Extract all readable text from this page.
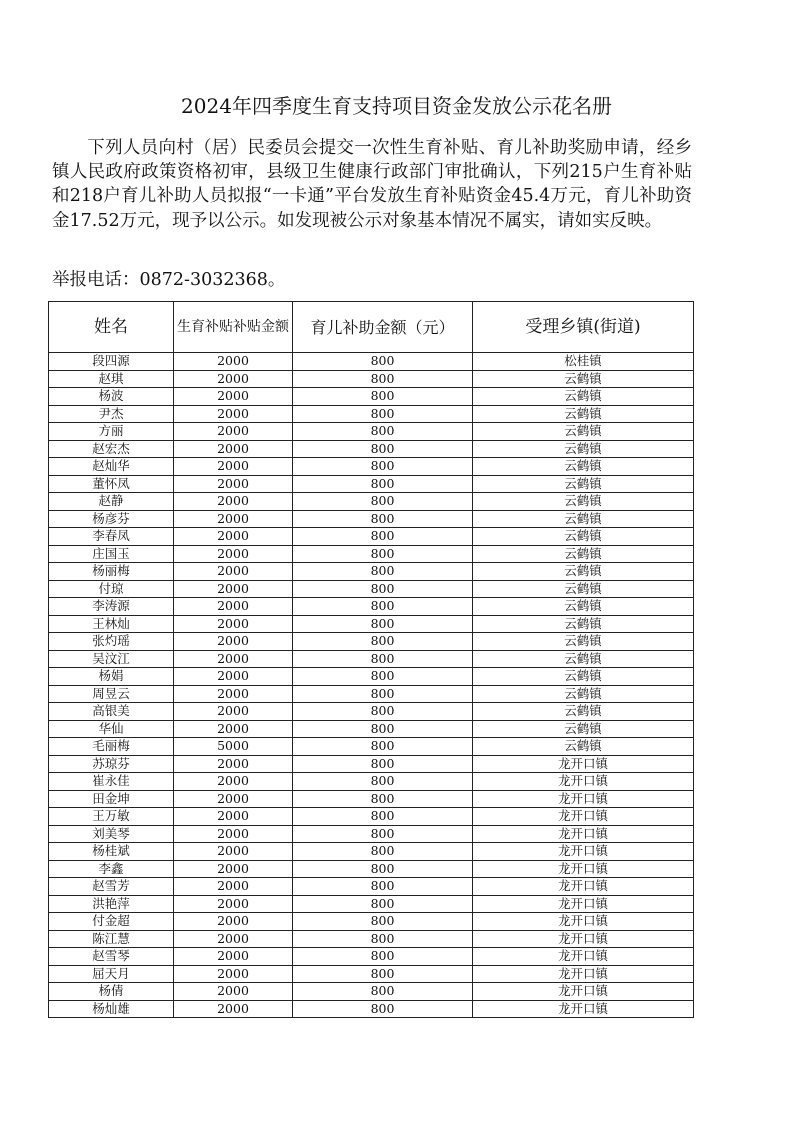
2024年四季度生育支持项目资金发放公示花名册
下列人员向村（居）民委员会提交一次性生育补贴、育儿补助奖励申请，经乡镇人民政府政策资格初审，县级卫生健康行政部门审批确认，下列215户生育补贴和218户育儿补助人员拟报“一卡通”平台发放生育补贴资金45.4万元，育儿补助资金17.52万元，现予以公示。如发现被公示对象基本情况不属实，请如实反映。
举报电话：0872-3032368。
姓名	生育补贴补贴金额	育儿补助金额（元）	受理乡镇(街道)
段四源	2000	800	松桂镇
赵琪	2000	800	云鹤镇
杨波	2000	800	云鹤镇
尹杰	2000	800	云鹤镇
方丽	2000	800	云鹤镇
赵宏杰	2000	800	云鹤镇
赵灿华	2000	800	云鹤镇
董怀凤	2000	800	云鹤镇
赵静	2000	800	云鹤镇
杨彦芬	2000	800	云鹤镇
李春凤	2000	800	云鹤镇
庄国玉	2000	800	云鹤镇
杨丽梅	2000	800	云鹤镇
付琼	2000	800	云鹤镇
李涛源	2000	800	云鹤镇
王林灿	2000	800	云鹤镇
张灼瑶	2000	800	云鹤镇
吴汶江	2000	800	云鹤镇
杨娟	2000	800	云鹤镇
周昱云	2000	800	云鹤镇
高银美	2000	800	云鹤镇
华仙	2000	800	云鹤镇
毛丽梅	5000	800	云鹤镇
苏琼芬	2000	800	龙开口镇
崔永佳	2000	800	龙开口镇
田金坤	2000	800	龙开口镇
王万敏	2000	800	龙开口镇
刘美琴	2000	800	龙开口镇
杨桂斌	2000	800	龙开口镇
李鑫	2000	800	龙开口镇
赵雪芳	2000	800	龙开口镇
洪艳萍	2000	800	龙开口镇
付金超	2000	800	龙开口镇
陈江慧	2000	800	龙开口镇
赵雪琴	2000	800	龙开口镇
屈天月	2000	800	龙开口镇
杨倩	2000	800	龙开口镇
杨灿雄	2000	800	龙开口镇
